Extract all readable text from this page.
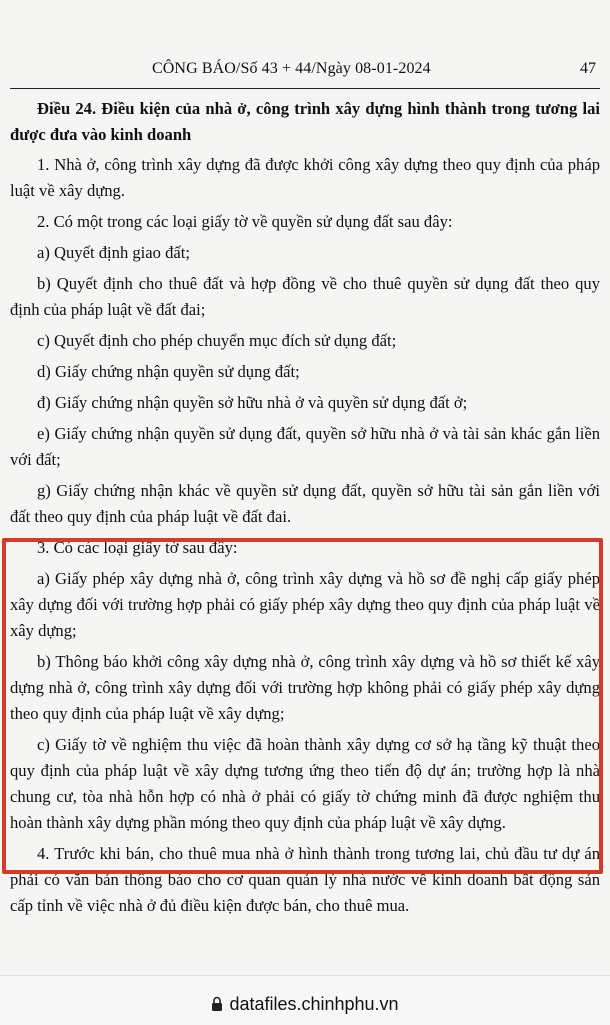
CÔNG BÁO/Số 43 + 44/Ngày 08-01-2024	47

Điều 24. Điều kiện của nhà ở, công trình xây dựng hình thành trong tương lai được đưa vào kinh doanh

1. Nhà ở, công trình xây dựng đã được khởi công xây dựng theo quy định của pháp luật về xây dựng.

2. Có một trong các loại giấy tờ về quyền sử dụng đất sau đây:

a) Quyết định giao đất;

b) Quyết định cho thuê đất và hợp đồng về cho thuê quyền sử dụng đất theo quy định của pháp luật về đất đai;

c) Quyết định cho phép chuyển mục đích sử dụng đất;

d) Giấy chứng nhận quyền sử dụng đất;

đ) Giấy chứng nhận quyền sở hữu nhà ở và quyền sử dụng đất ở;

e) Giấy chứng nhận quyền sử dụng đất, quyền sở hữu nhà ở và tài sản khác gắn liền với đất;

g) Giấy chứng nhận khác về quyền sử dụng đất, quyền sở hữu tài sản gắn liền với đất theo quy định của pháp luật về đất đai.

3. Có các loại giấy tờ sau đây:

a) Giấy phép xây dựng nhà ở, công trình xây dựng và hồ sơ đề nghị cấp giấy phép xây dựng đối với trường hợp phải có giấy phép xây dựng theo quy định của pháp luật về xây dựng;

b) Thông báo khởi công xây dựng nhà ở, công trình xây dựng và hồ sơ thiết kế xây dựng nhà ở, công trình xây dựng đối với trường hợp không phải có giấy phép xây dựng theo quy định của pháp luật về xây dựng;

c) Giấy tờ về nghiệm thu việc đã hoàn thành xây dựng cơ sở hạ tầng kỹ thuật theo quy định của pháp luật về xây dựng tương ứng theo tiến độ dự án; trường hợp là nhà chung cư, tòa nhà hỗn hợp có nhà ở phải có giấy tờ chứng minh đã được nghiệm thu hoàn thành xây dựng phần móng theo quy định của pháp luật về xây dựng.

4. Trước khi bán, cho thuê mua nhà ở hình thành trong tương lai, chủ đầu tư dự án phải có văn bản thông báo cho cơ quan quản lý nhà nước về kinh doanh bất động sản cấp tỉnh về việc nhà ở đủ điều kiện được bán, cho thuê mua.

datafiles.chinhphu.vn
